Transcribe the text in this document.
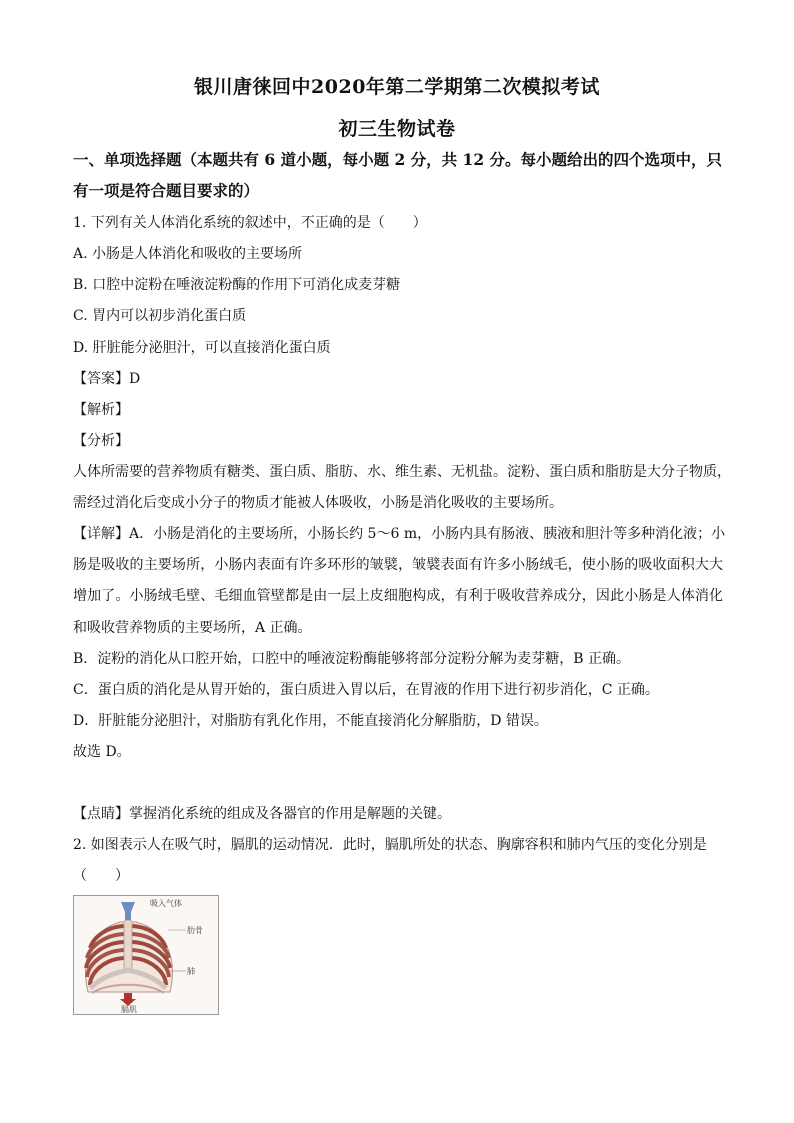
银川唐徕回中2020年第二学期第二次模拟考试
初三生物试卷
一、单项选择题（本题共有 6 道小题，每小题 2 分，共 12 分。每小题给出的四个选项中，只
有一项是符合题目要求的）
1. 下列有关人体消化系统的叙述中，不正确的是（　　）
A. 小肠是人体消化和吸收的主要场所
B. 口腔中淀粉在唾液淀粉酶的作用下可消化成麦芽糖
C. 胃内可以初步消化蛋白质
D. 肝脏能分泌胆汁，可以直接消化蛋白质
【答案】D
【解析】
【分析】
人体所需要的营养物质有糖类、蛋白质、脂肪、水、维生素、无机盐。淀粉、蛋白质和脂肪是大分子物质，
需经过消化后变成小分子的物质才能被人体吸收，小肠是消化吸收的主要场所。
【详解】A．小肠是消化的主要场所，小肠长约 5～6 m，小肠内具有肠液、胰液和胆汁等多种消化液；小
肠是吸收的主要场所，小肠内表面有许多环形的皱襞，皱襞表面有许多小肠绒毛，使小肠的吸收面积大大
增加了。小肠绒毛壁、毛细血管壁都是由一层上皮细胞构成，有利于吸收营养成分，因此小肠是人体消化
和吸收营养物质的主要场所，A 正确。
B．淀粉的消化从口腔开始，口腔中的唾液淀粉酶能够将部分淀粉分解为麦芽糖，B 正确。
C．蛋白质的消化是从胃开始的，蛋白质进入胃以后，在胃液的作用下进行初步消化，C 正确。
D．肝脏能分泌胆汁，对脂肪有乳化作用，不能直接消化分解脂肪，D 错误。
故选 D。
【点睛】掌握消化系统的组成及各器官的作用是解题的关键。
2. 如图表示人在吸气时，膈肌的运动情况．此时，膈肌所处的状态、胸廓容积和肺内气压的变化分别是
（　　）
吸入气体
肋骨
肺
膈肌
